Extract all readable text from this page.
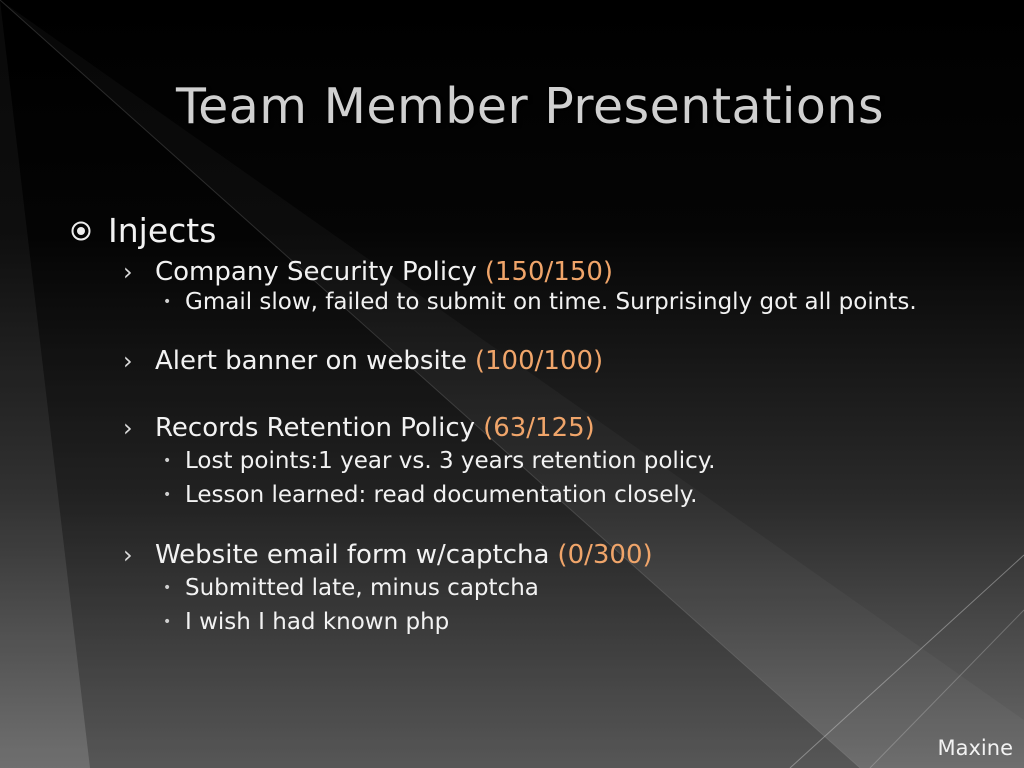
Team Member Presentations
Injects
› Company Security Policy (150/150)
• Gmail slow, failed to submit on time. Surprisingly got all points.
› Alert banner on website (100/100)
› Records Retention Policy (63/125)
• Lost points:1 year vs. 3 years retention policy.
• Lesson learned: read documentation closely.
› Website email form w/captcha (0/300)
• Submitted late, minus captcha
• I wish I had known php
Maxine
